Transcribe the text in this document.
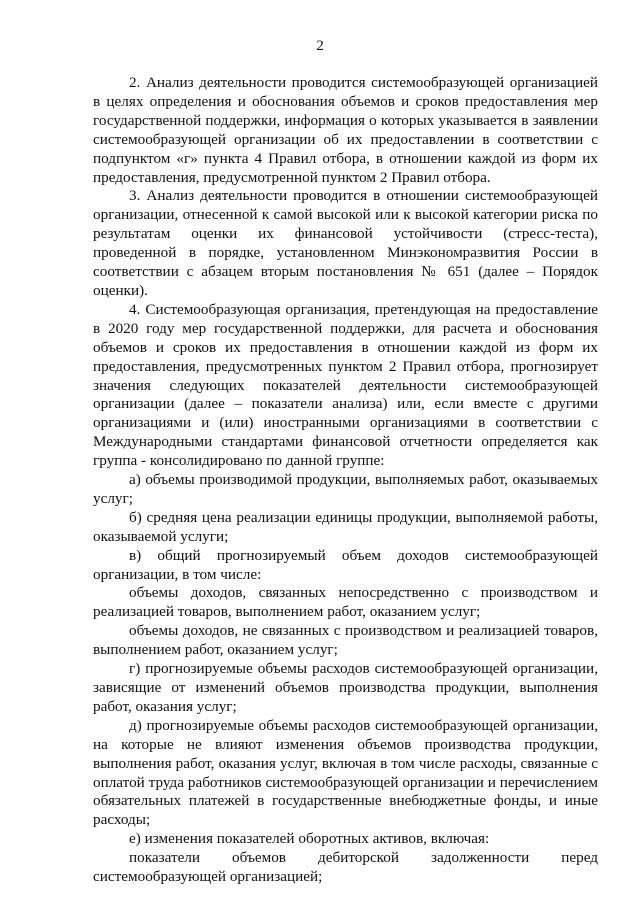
2

2. Анализ деятельности проводится системообразующей организацией в целях определения и обоснования объемов и сроков предоставления мер государственной поддержки, информация о которых указывается в заявлении системообразующей организации об их предоставлении в соответствии с подпунктом «г» пункта 4 Правил отбора, в отношении каждой из форм их предоставления, предусмотренной пунктом 2 Правил отбора.

3. Анализ деятельности проводится в отношении системообразующей организации, отнесенной к самой высокой или к высокой категории риска по результатам оценки их финансовой устойчивости (стресс-теста), проведенной в порядке, установленном Минэкономразвития России в соответствии с абзацем вторым постановления № 651 (далее – Порядок оценки).

4. Системообразующая организация, претендующая на предоставление в 2020 году мер государственной поддержки, для расчета и обоснования объемов и сроков их предоставления в отношении каждой из форм их предоставления, предусмотренных пунктом 2 Правил отбора, прогнозирует значения следующих показателей деятельности системообразующей организации (далее – показатели анализа) или, если вместе с другими организациями и (или) иностранными организациями в соответствии с Международными стандартами финансовой отчетности определяется как группа - консолидировано по данной группе:

а) объемы производимой продукции, выполняемых работ, оказываемых услуг;

б) средняя цена реализации единицы продукции, выполняемой работы, оказываемой услуги;

в) общий прогнозируемый объем доходов системообразующей организации, в том числе:

объемы доходов, связанных непосредственно с производством и реализацией товаров, выполнением работ, оказанием услуг;

объемы доходов, не связанных с производством и реализацией товаров, выполнением работ, оказанием услуг;

г) прогнозируемые объемы расходов системообразующей организации, зависящие от изменений объемов производства продукции, выполнения работ, оказания услуг;

д) прогнозируемые объемы расходов системообразующей организации, на которые не влияют изменения объемов производства продукции, выполнения работ, оказания услуг, включая в том числе расходы, связанные с оплатой труда работников системообразующей организации и перечислением обязательных платежей в государственные внебюджетные фонды, и иные расходы;

е) изменения показателей оборотных активов, включая:

показатели объемов дебиторской задолженности перед системообразующей организацией;
